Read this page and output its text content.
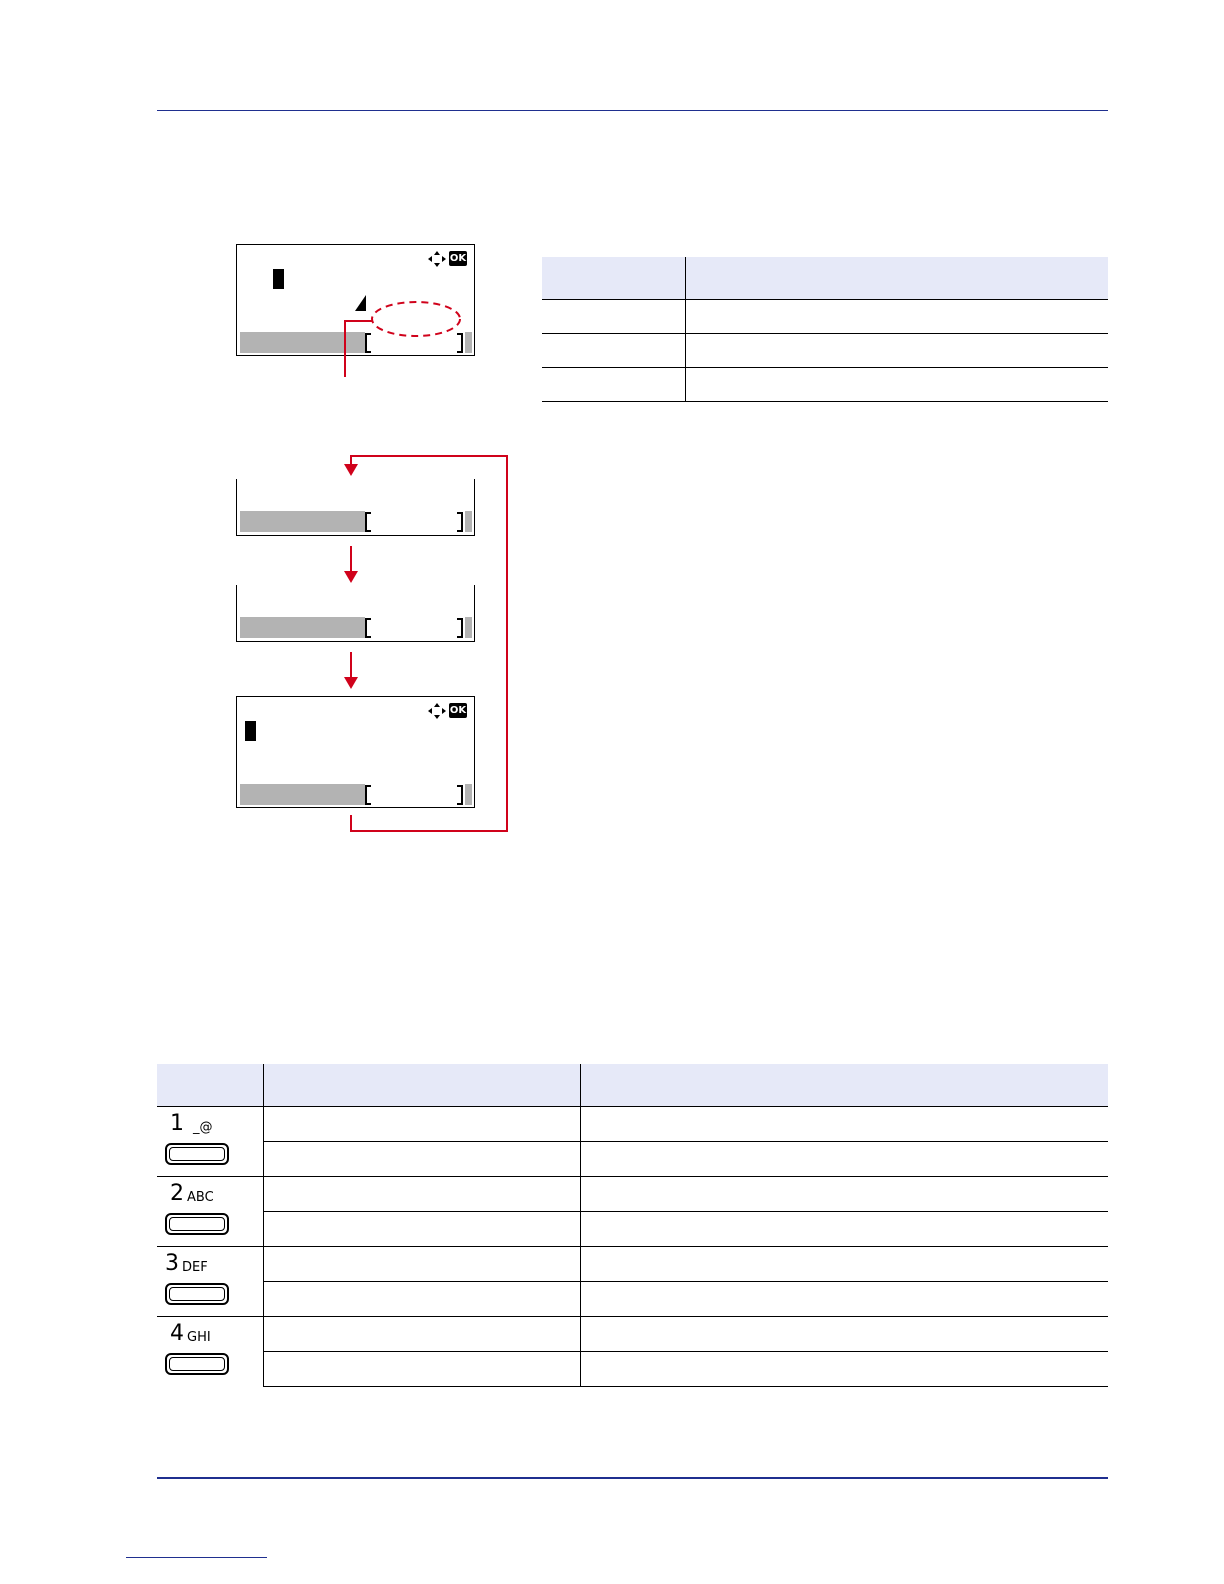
OK
OK

1 _@		

2 ABC		

3 DEF		

4 GHI		
